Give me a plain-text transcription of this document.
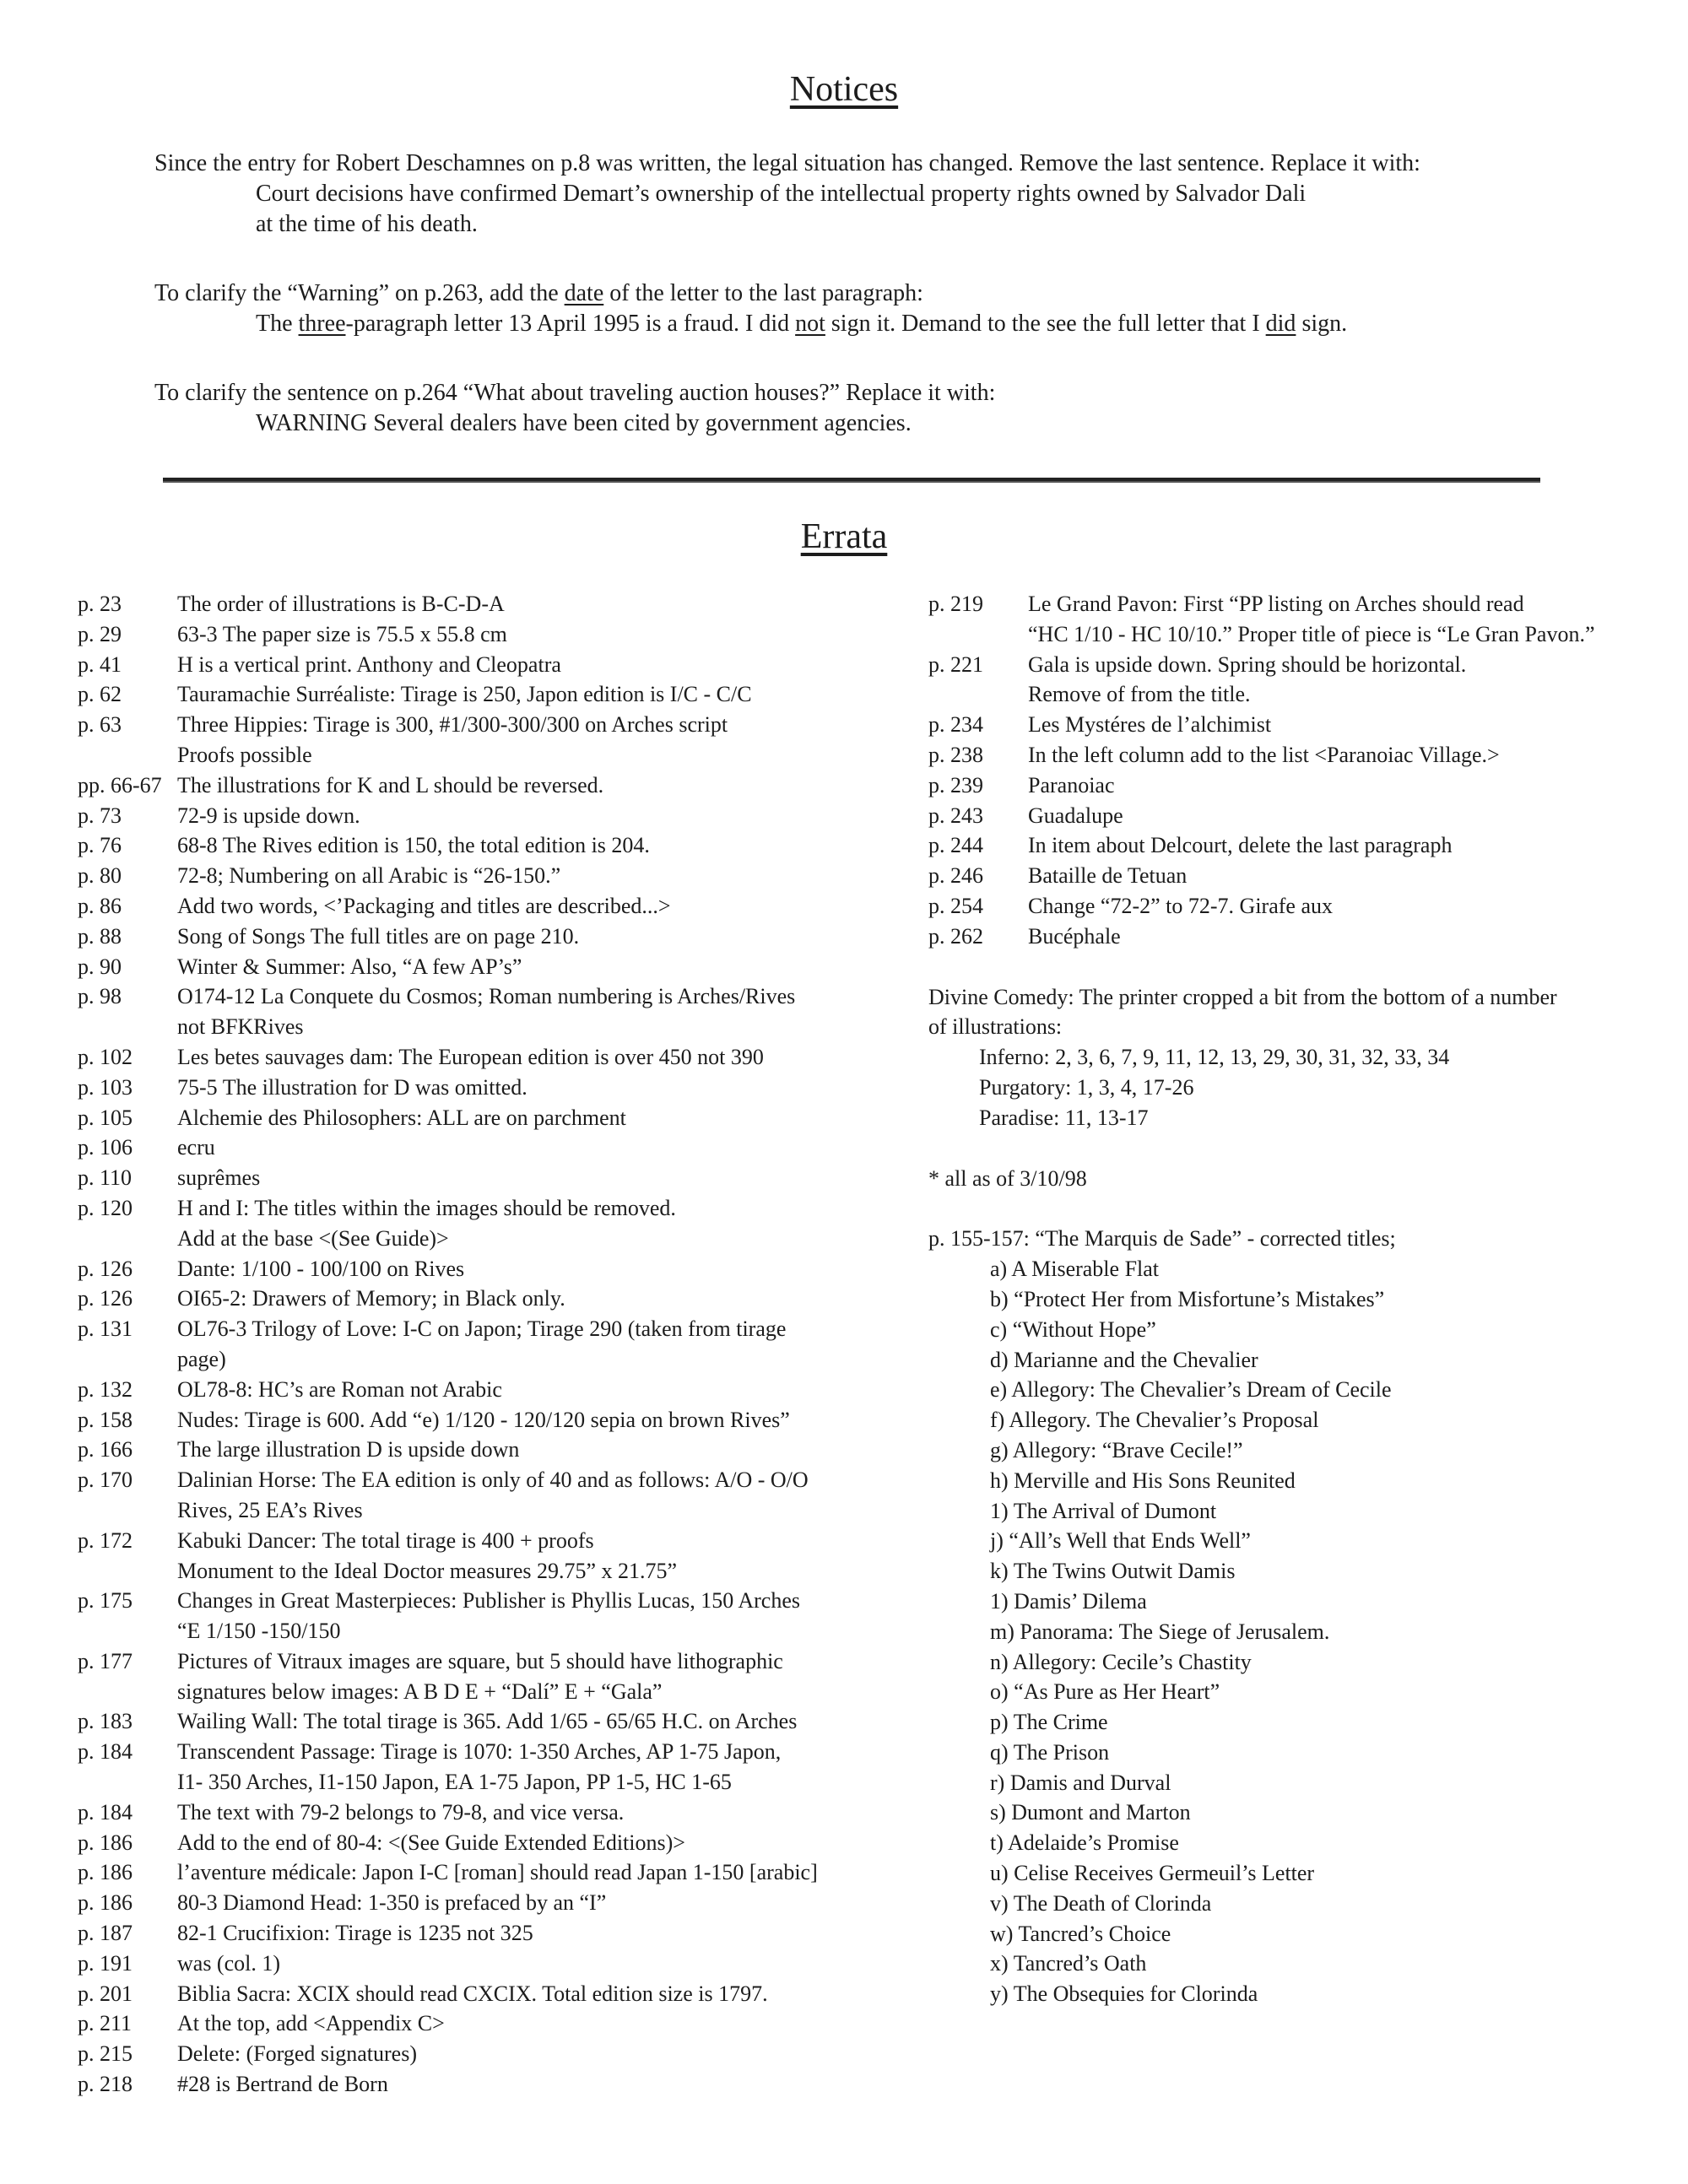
Notices
Since the entry for Robert Deschamnes on p.8 was written, the legal situation has changed. Remove the last sentence. Replace it with:
Court decisions have confirmed Demart’s ownership of the intellectual property rights owned by Salvador Dali
at the time of his death.
To clarify the “Warning” on p.263, add the date of the letter to the last paragraph:
The three-paragraph letter 13 April 1995 is a fraud. I did not sign it. Demand to the see the full letter that I did sign.
To clarify the sentence on p.264 “What about traveling auction houses?” Replace it with:
WARNING Several dealers have been cited by government agencies.
Errata
p. 23	The order of illustrations is B-C-D-A
p. 29	63-3 The paper size is 75.5 x 55.8 cm
p. 41	H is a vertical print. Anthony and Cleopatra
p. 62	Tauramachie Surréaliste: Tirage is 250, Japon edition is I/C - C/C
p. 63	Three Hippies: Tirage is 300, #1/300-300/300 on Arches script
Proofs possible
pp. 66-67 The illustrations for K and L should be reversed.
p. 73	72-9 is upside down.
p. 76	68-8 The Rives edition is 150, the total edition is 204.
p. 80	72-8; Numbering on all Arabic is “26-150.”
p. 86	Add two words, <’Packaging and titles are described...>
p. 88	Song of Songs The full titles are on page 210.
p. 90	Winter & Summer: Also, “A few AP’s”
p. 98	O174-12 La Conquete du Cosmos; Roman numbering is Arches/Rives
not BFKRives
p. 102	Les betes sauvages dam: The European edition is over 450 not 390
p. 103	75-5 The illustration for D was omitted.
p. 105	Alchemie des Philosophers: ALL are on parchment
p. 106	ecru
p. 110	suprêmes
p. 120	H and I: The titles within the images should be removed.
Add at the base <(See Guide)>
p. 126	Dante: 1/100 - 100/100 on Rives
p. 126	OI65-2: Drawers of Memory; in Black only.
p. 131	OL76-3 Trilogy of Love: I-C on Japon; Tirage 290 (taken from tirage
page)
p. 132	OL78-8: HC’s are Roman not Arabic
p. 158	Nudes: Tirage is 600. Add “e) 1/120 - 120/120 sepia on brown Rives”
p. 166	The large illustration D is upside down
p. 170	Dalinian Horse: The EA edition is only of 40 and as follows: A/O - O/O
Rives, 25 EA’s Rives
p. 172	Kabuki Dancer: The total tirage is 400 + proofs
Monument to the Ideal Doctor measures 29.75” x 21.75”
p. 175	Changes in Great Masterpieces: Publisher is Phyllis Lucas, 150 Arches
“E 1/150 -150/150
p. 177	Pictures of Vitraux images are square, but 5 should have lithographic
signatures below images: A B D E + “Dalí” E + “Gala”
p. 183	Wailing Wall: The total tirage is 365. Add 1/65 - 65/65 H.C. on Arches
p. 184	Transcendent Passage: Tirage is 1070: 1-350 Arches, AP 1-75 Japon,
I1- 350 Arches, I1-150 Japon, EA 1-75 Japon, PP 1-5, HC 1-65
p. 184	The text with 79-2 belongs to 79-8, and vice versa.
p. 186	Add to the end of 80-4: <(See Guide Extended Editions)>
p. 186	l’aventure médicale: Japon I-C [roman] should read Japan 1-150 [arabic]
p. 186	80-3 Diamond Head: 1-350 is prefaced by an “I”
p. 187	82-1 Crucifixion: Tirage is 1235 not 325
p. 191	was (col. 1)
p. 201	Biblia Sacra: XCIX should read CXCIX. Total edition size is 1797.
p. 211	At the top, add <Appendix C>
p. 215	Delete: (Forged signatures)
p. 218	#28 is Bertrand de Born
p. 219	Le Grand Pavon: First “PP listing on Arches should read
“HC 1/10 - HC 10/10.” Proper title of piece is “Le Gran Pavon.”
p. 221	Gala is upside down. Spring should be horizontal.
Remove of from the title.
p. 234	Les Mystéres de l’alchimist
p. 238	In the left column add to the list <Paranoiac Village.>
p. 239	Paranoiac
p. 243	Guadalupe
p. 244	In item about Delcourt, delete the last paragraph
p. 246	Bataille de Tetuan
p. 254	Change “72-2” to 72-7. Girafe aux
p. 262	Bucéphale
Divine Comedy: The printer cropped a bit from the bottom of a number
of illustrations:
Inferno: 2, 3, 6, 7, 9, 11, 12, 13, 29, 30, 31, 32, 33, 34
Purgatory: 1, 3, 4, 17-26
Paradise: 11, 13-17
* all as of 3/10/98
p. 155-157: “The Marquis de Sade” - corrected titles;
a) A Miserable Flat
b) “Protect Her from Misfortune’s Mistakes”
c) “Without Hope”
d) Marianne and the Chevalier
e) Allegory: The Chevalier’s Dream of Cecile
f) Allegory. The Chevalier’s Proposal
g) Allegory: “Brave Cecile!”
h) Merville and His Sons Reunited
1) The Arrival of Dumont
j) “All’s Well that Ends Well”
k) The Twins Outwit Damis
1) Damis’ Dilema
m) Panorama: The Siege of Jerusalem.
n) Allegory: Cecile’s Chastity
o) “As Pure as Her Heart”
p) The Crime
q) The Prison
r) Damis and Durval
s) Dumont and Marton
t) Adelaide’s Promise
u) Celise Receives Germeuil’s Letter
v) The Death of Clorinda
w) Tancred’s Choice
x) Tancred’s Oath
y) The Obsequies for Clorinda
